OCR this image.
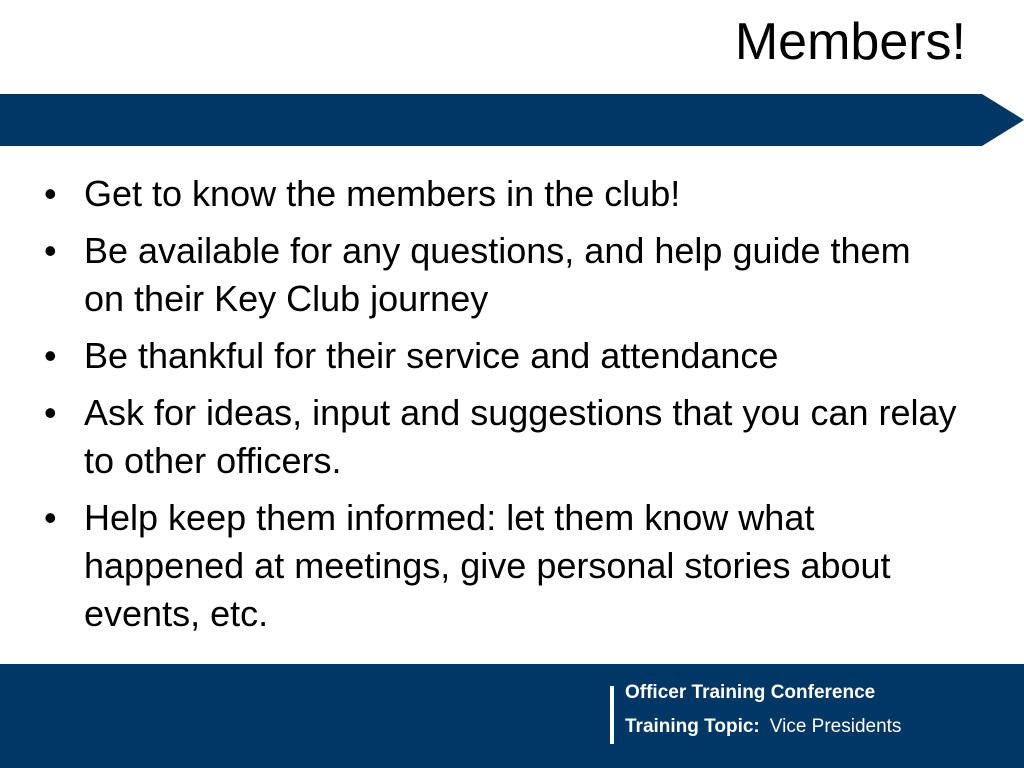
Members!
• Get to know the members in the club!
• Be available for any questions, and help guide them on their Key Club journey
• Be thankful for their service and attendance
• Ask for ideas, input and suggestions that you can relay to other officers.
• Help keep them informed: let them know what happened at meetings, give personal stories about events, etc.
Officer Training Conference
Training Topic: Vice Presidents
